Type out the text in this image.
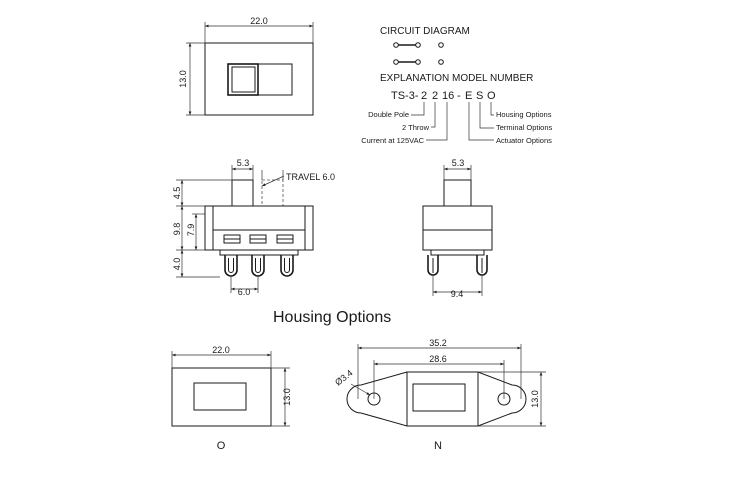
22.0
13.0
CIRCUIT DIAGRAM
EXPLANATION MODEL NUMBER
TS-3- 2 2 16 - E S O
Double Pole
2 Throw
Current at 125VAC
Housing Options
Terminal Options
Actuator Options
5.3
TRAVEL 6.0
4.5
9.8 7.9
4.0
6.0
5.3
9.4
Housing Options
22.0
13.0
O
35.2
28.6
Ø3.4
13.0
N
